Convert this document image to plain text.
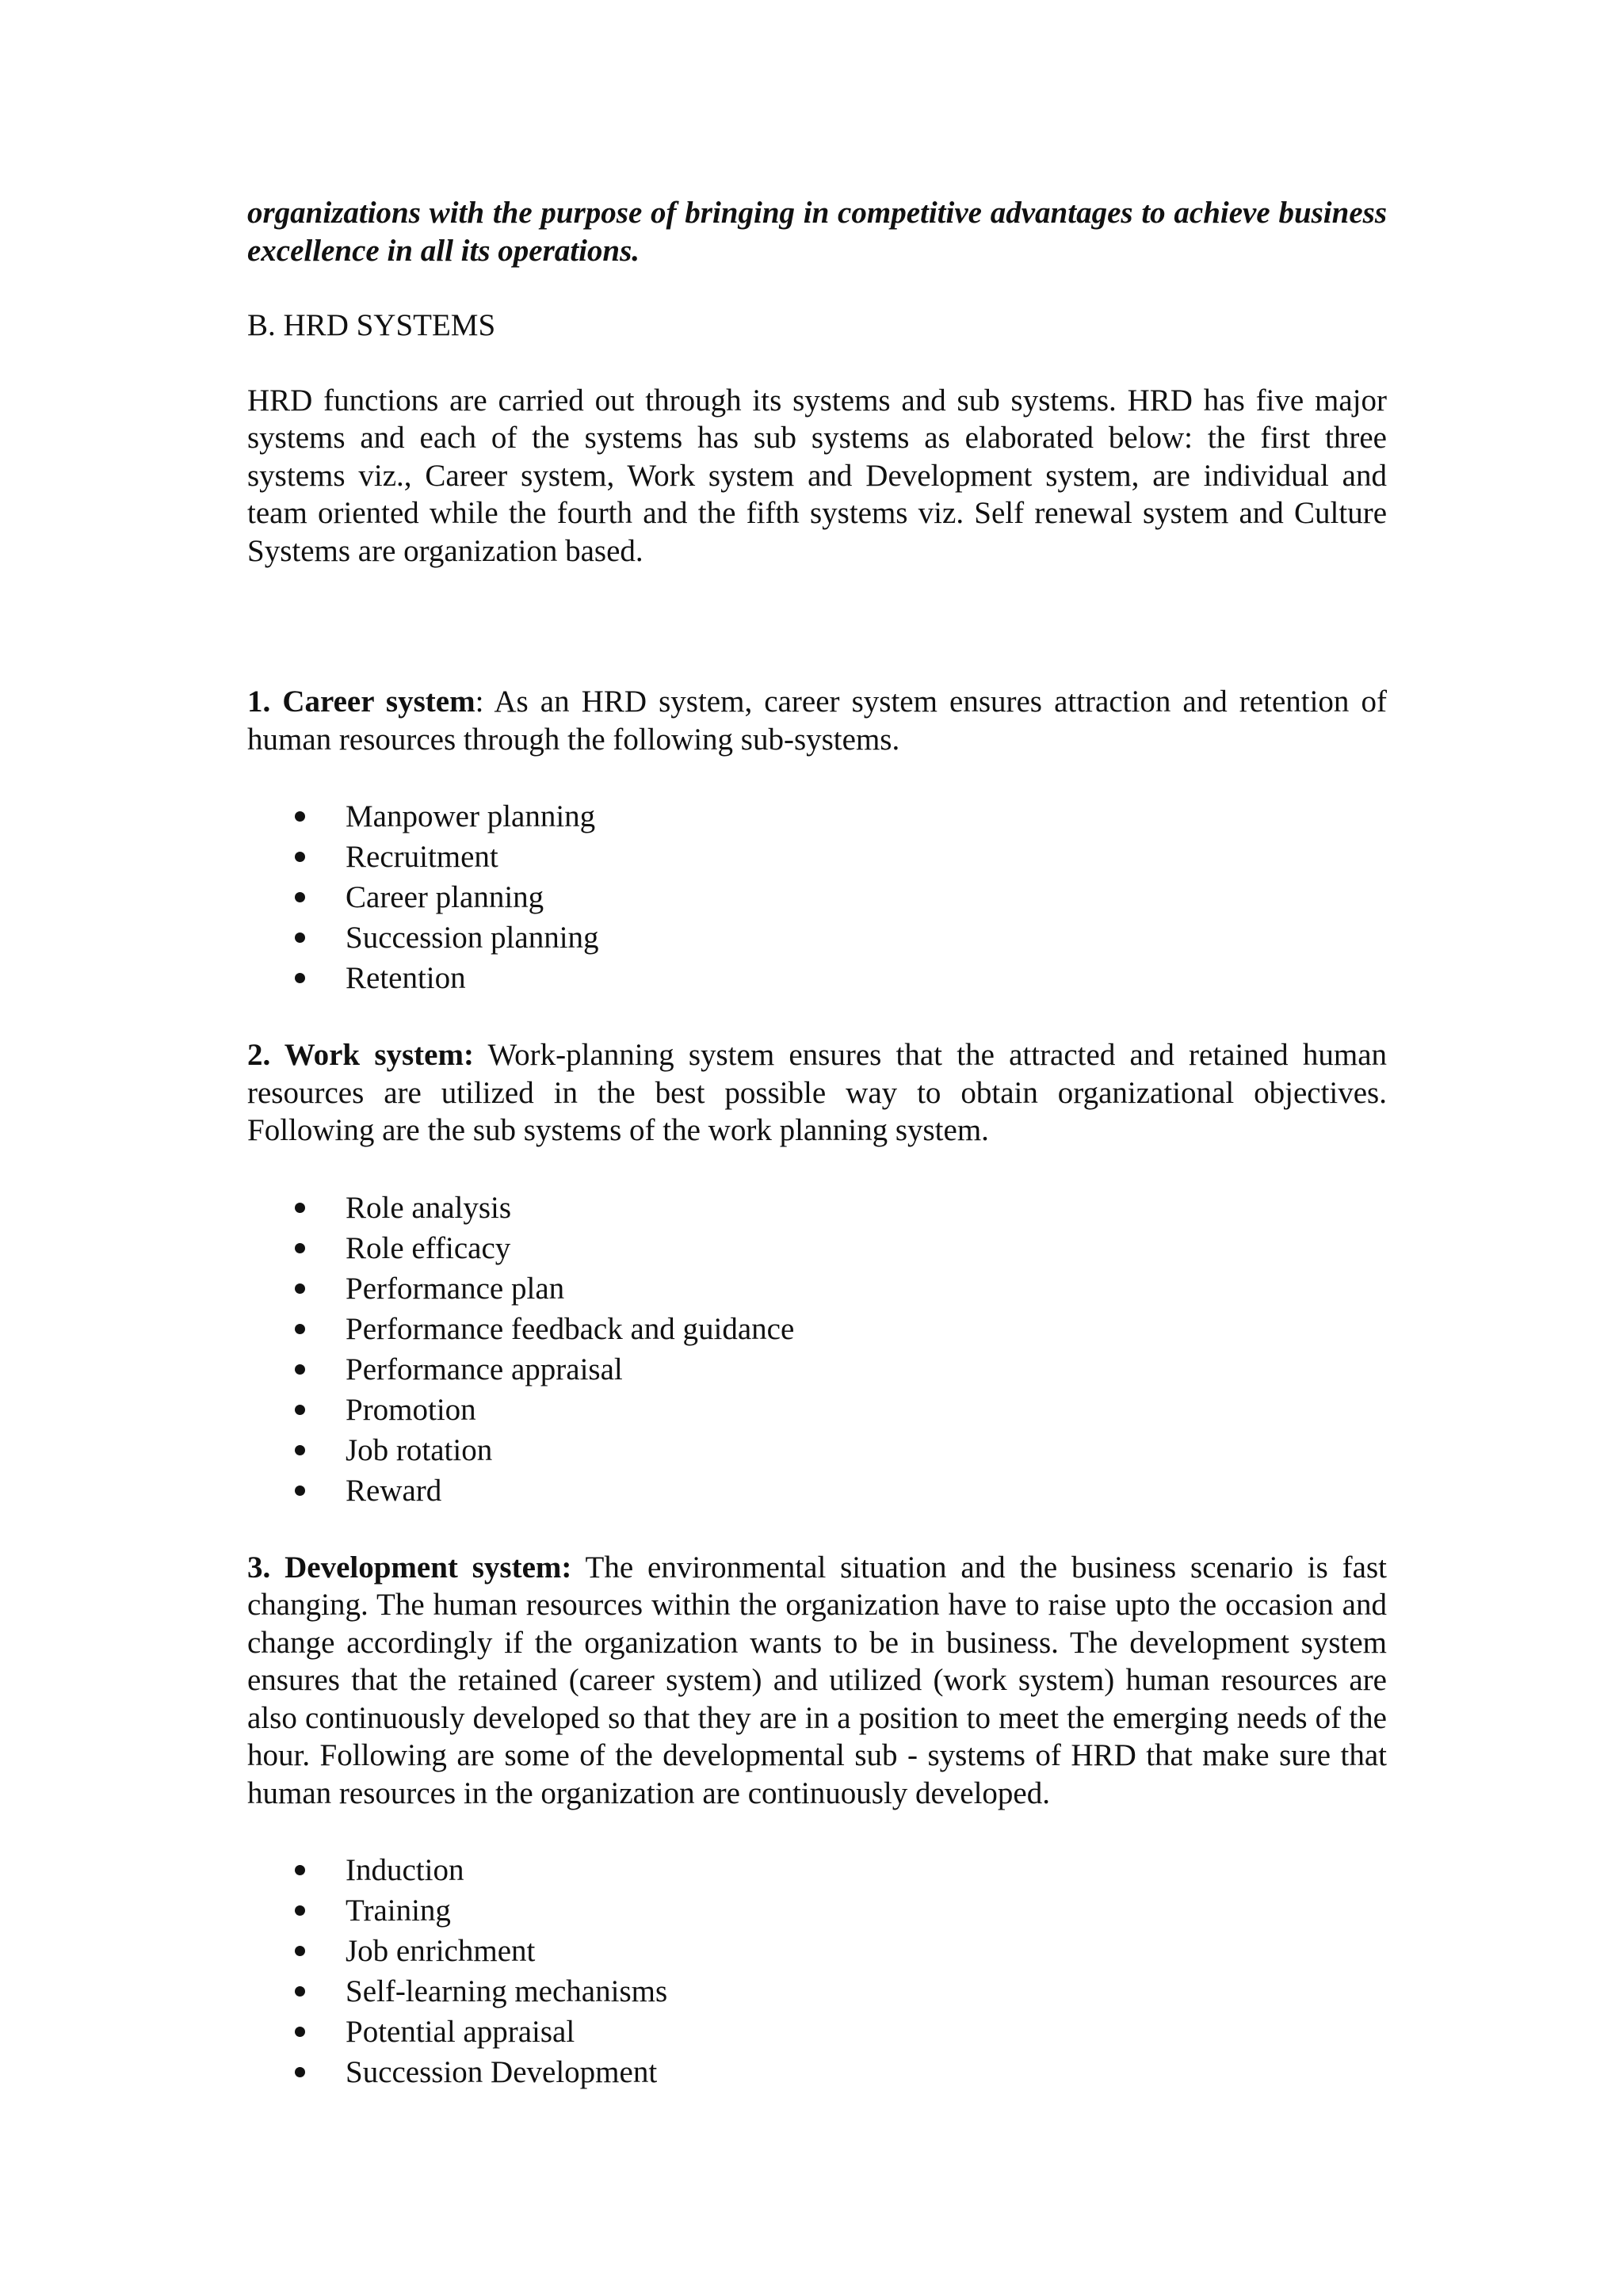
organizations with the purpose of bringing in competitive advantages to achieve business excellence in all its operations.

B. HRD SYSTEMS

HRD functions are carried out through its systems and sub systems. HRD has five major systems and each of the systems has sub systems as elaborated below: the first three systems viz., Career system, Work system and Development system, are individual and team oriented while the fourth and the fifth systems viz. Self renewal system and Culture Systems are organization based.

1. Career system: As an HRD system, career system ensures attraction and retention of human resources through the following sub-systems.

Manpower planning
Recruitment
Career planning
Succession planning
Retention

2. Work system: Work-planning system ensures that the attracted and retained human resources are utilized in the best possible way to obtain organizational objectives. Following are the sub systems of the work planning system.

Role analysis
Role efficacy
Performance plan
Performance feedback and guidance
Performance appraisal
Promotion
Job rotation
Reward

3. Development system: The environmental situation and the business scenario is fast changing. The human resources within the organization have to raise upto the occasion and change accordingly if the organization wants to be in business. The development system ensures that the retained (career system) and utilized (work system) human resources are also continuously developed so that they are in a position to meet the emerging needs of the hour. Following are some of the developmental sub - systems of HRD that make sure that human resources in the organization are continuously developed.

Induction
Training
Job enrichment
Self-learning mechanisms
Potential appraisal
Succession Development
